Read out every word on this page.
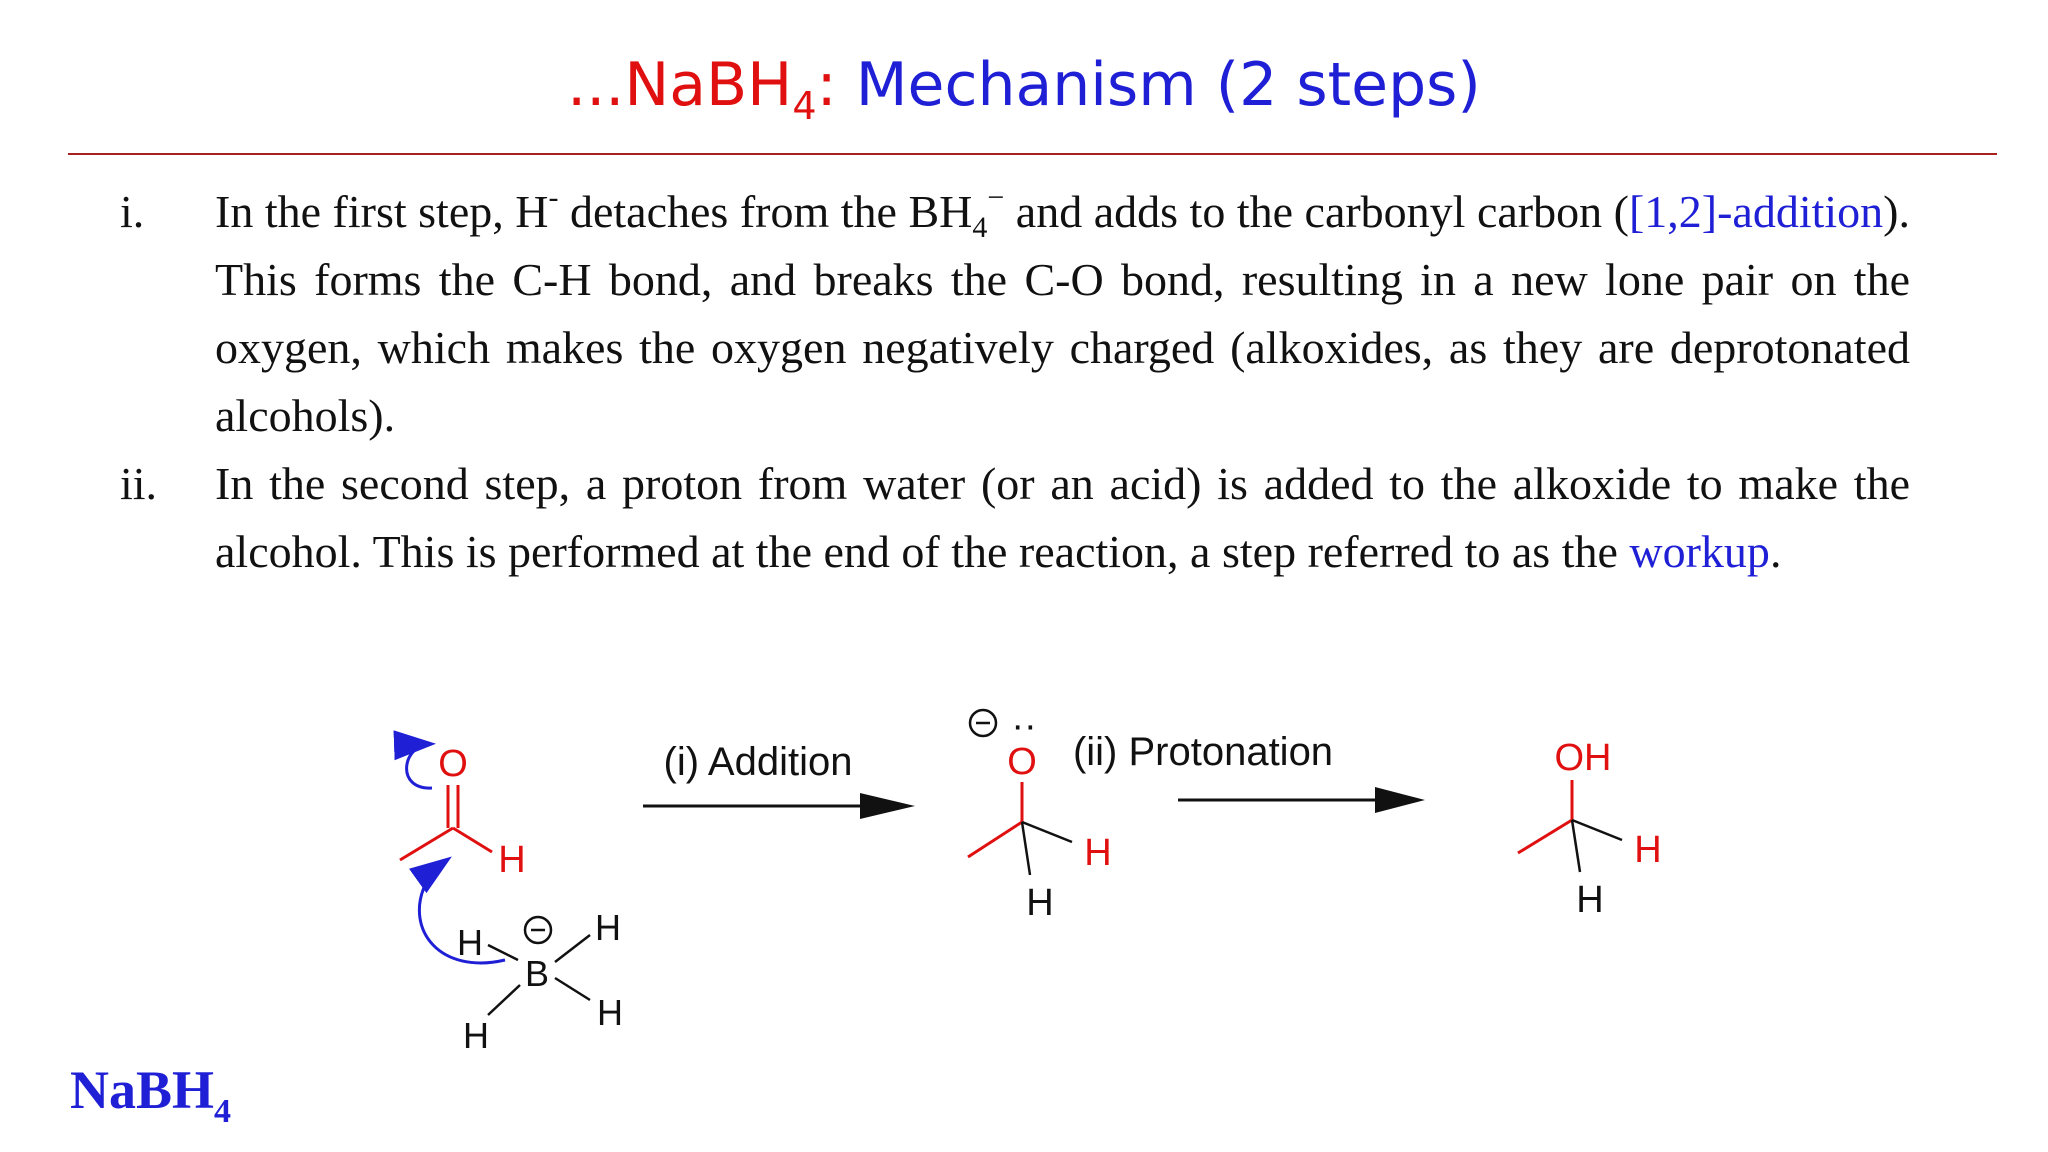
...NaBH$_4$: Mechanism (2 steps)
i.	In the first step, H- detaches from the $BH_4^-$ and adds to the carbonyl carbon ([1,2]-addition). This forms the C-H bond, and breaks the C-O bond, resulting in a new lone pair on the oxygen, which makes the oxygen negatively charged (alkoxides, as they are deprotonated alcohols).
ii.	In the second step, a proton from water (or an acid) is added to the alkoxide to make the alcohol. This is performed at the end of the reaction, a step referred to as the workup.
O
H
B
H	H
H
H
(i) Addition
··
O
H
H
(ii) Protonation	OH
H
H
NaBH$_4$
